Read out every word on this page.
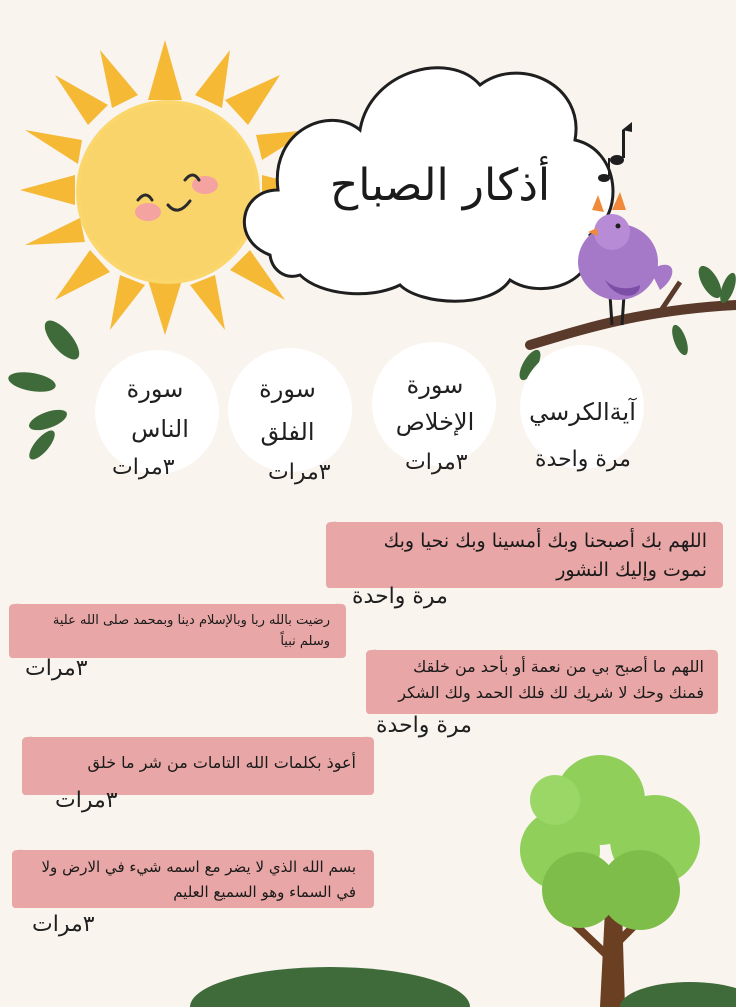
أذكار الصباح
آيةالكرسي
مرة واحدة
سورة
الإخلاص
٣مرات
سورة
الفلق
٣مرات
سورة
الناس
٣مرات
اللهم بك أصبحنا وبك أمسينا وبك نحيا وبك نموت وإليك النشور
مرة واحدة
رضيت بالله ربا وبالإسلام دينا وبمحمد صلى الله علية وسلم نبياً
٣مرات	اللهم ما أصبح بي من نعمة أو بأحد من خلقك فمنك وحك لا شريك لك فلك الحمد ولك الشكر
مرة واحدة
أعوذ بكلمات الله التامات من شر ما خلق
٣مرات
بسم الله الذي لا يضر مع اسمه شيء في الارض ولا في السماء وهو السميع العليم
٣مرات
